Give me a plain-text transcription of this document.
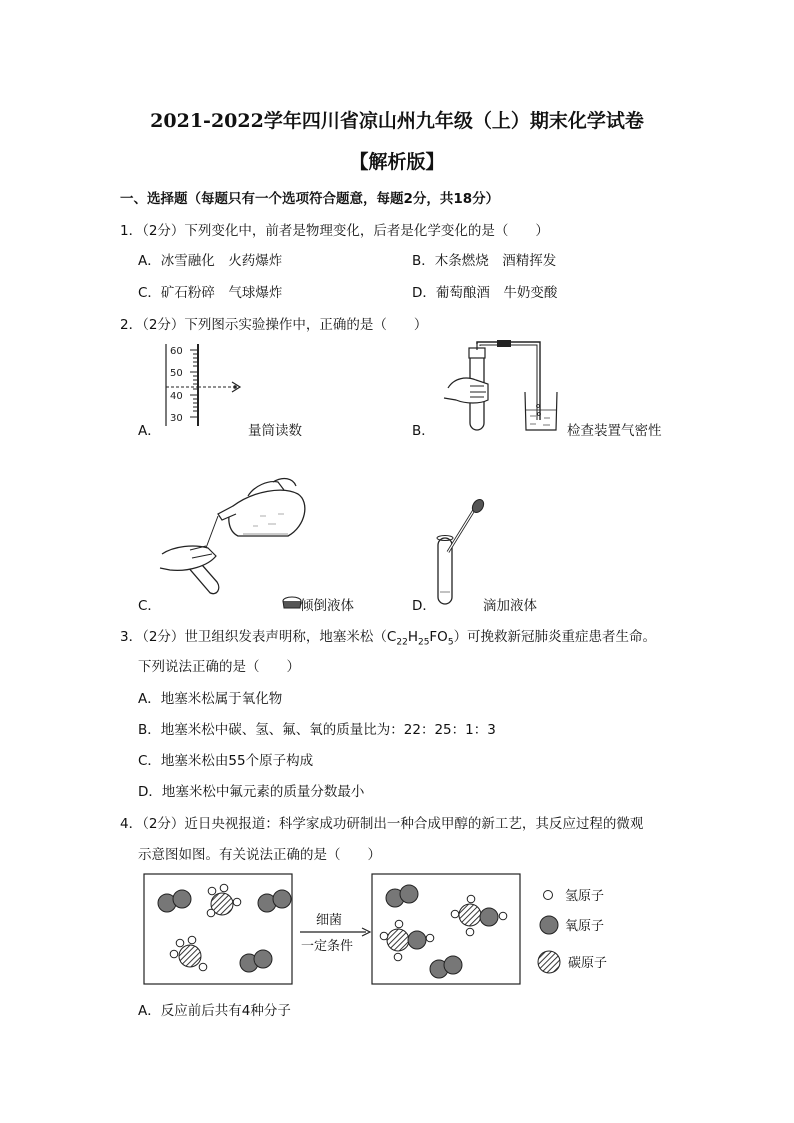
2021-2022学年四川省凉山州九年级（上）期末化学试卷
【解析版】
一、选择题（每题只有一个选项符合题意，每题2分，共18分）
1．（2分）下列变化中，前者是物理变化，后者是化学变化的是（　　）
A．冰雪融化　火药爆炸	B．木条燃烧　酒精挥发
C．矿石粉碎　气球爆炸	D．葡萄酿酒　牛奶变酸
2．（2分）下列图示实验操作中，正确的是（　　）
60
50
40
30
A．	量筒读数	B．	检查装置气密性
C．	倾倒液体	D．	滴加液体
3．（2分）世卫组织发表声明称，地塞米松$(C_{22}H_{25}FO_5)$可挽救新冠肺炎重症患者生命。
下列说法正确的是（　　）
A．地塞米松属于氧化物
B．地塞米松中碳、氢、氟、氧的质量比为：22：25：1：3
C．地塞米松由55个原子构成
D．地塞米松中氟元素的质量分数最小
4．（2分）近日央视报道：科学家成功研制出一种合成甲醇的新工艺，其反应过程的微观
示意图如图。有关说法正确的是（　　）
细菌
一定条件
氢原子
氧原子
碳原子
A．反应前后共有4种分子
